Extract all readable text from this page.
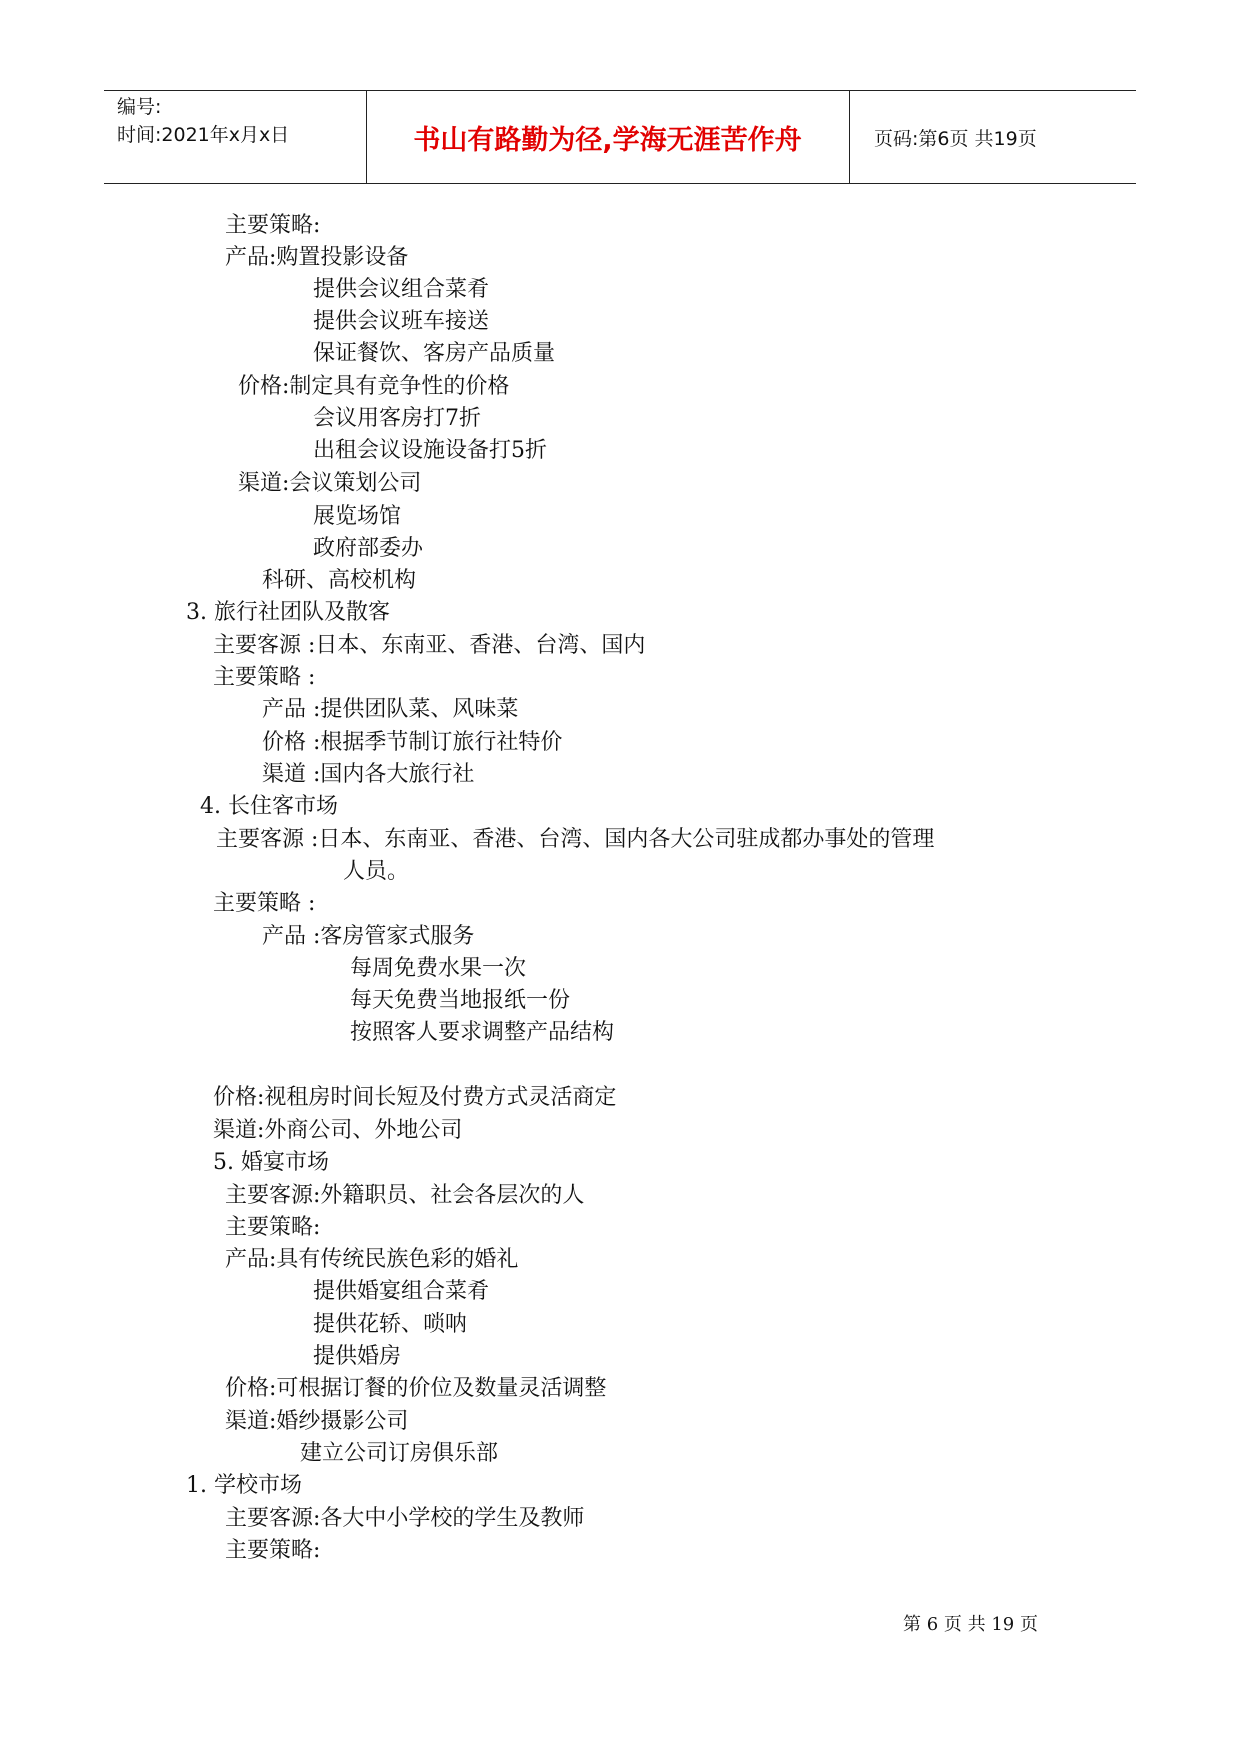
编号:
时间:2021年x月x日	书山有路勤为径,学海无涯苦作舟	页码:第6页 共19页
主要策略:
产品:购置投影设备
提供会议组合菜肴
提供会议班车接送
保证餐饮、客房产品质量
价格:制定具有竞争性的价格
会议用客房打7折
出租会议设施设备打5折
渠道:会议策划公司
展览场馆
政府部委办
科研、高校机构
3. 旅行社团队及散客
主要客源 :日本、东南亚、香港、台湾、国内
主要策略 :
产品 :提供团队菜、风味菜
价格 :根据季节制订旅行社特价
渠道 :国内各大旅行社
4. 长住客市场
主要客源 :日本、东南亚、香港、台湾、国内各大公司驻成都办事处的管理
人员。
主要策略 :
产品 :客房管家式服务
每周免费水果一次
每天免费当地报纸一份
按照客人要求调整产品结构
价格:视租房时间长短及付费方式灵活商定
渠道:外商公司、外地公司
5. 婚宴市场
主要客源:外籍职员、社会各层次的人
主要策略:
产品:具有传统民族色彩的婚礼
提供婚宴组合菜肴
提供花轿、唢呐
提供婚房
价格:可根据订餐的价位及数量灵活调整
渠道:婚纱摄影公司
建立公司订房俱乐部
1. 学校市场
主要客源:各大中小学校的学生及教师
主要策略:
第 6 页 共 19 页
